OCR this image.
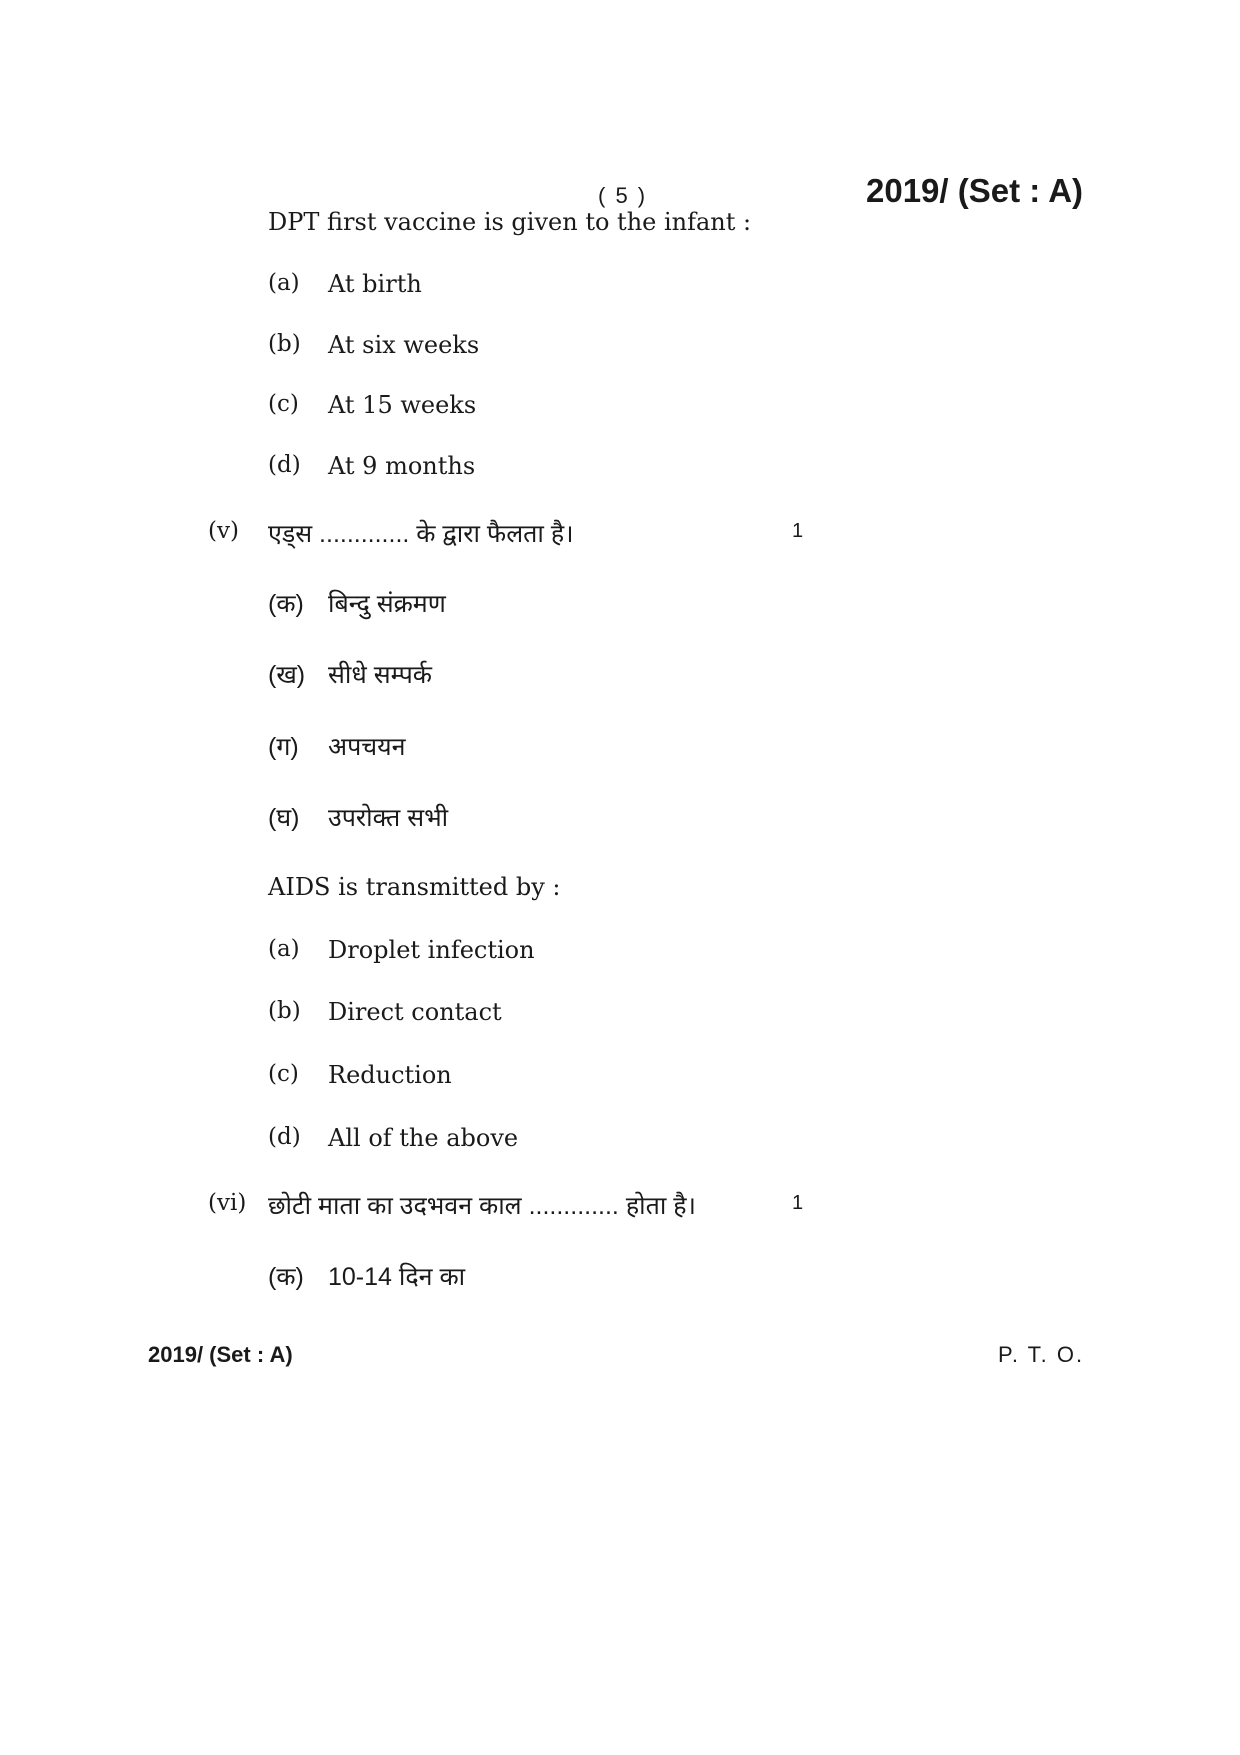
( 5 )	2019/ (Set : A)
DPT first vaccine is given to the infant :
(a) At birth
(b) At six weeks
(c) At 15 weeks
(d) At 9 months
(v) एड्स ............. के द्वारा फैलता है।	1
(क) बिन्दु संक्रमण
(ख) सीधे सम्पर्क
(ग) अपचयन
(घ) उपरोक्त सभी
AIDS is transmitted by :
(a) Droplet infection
(b) Direct contact
(c) Reduction
(d) All of the above
(vi) छोटी माता का उदभवन काल ............. होता है।	1
(क) 10-14 दिन का
2019/ (Set : A)	P. T. O.
